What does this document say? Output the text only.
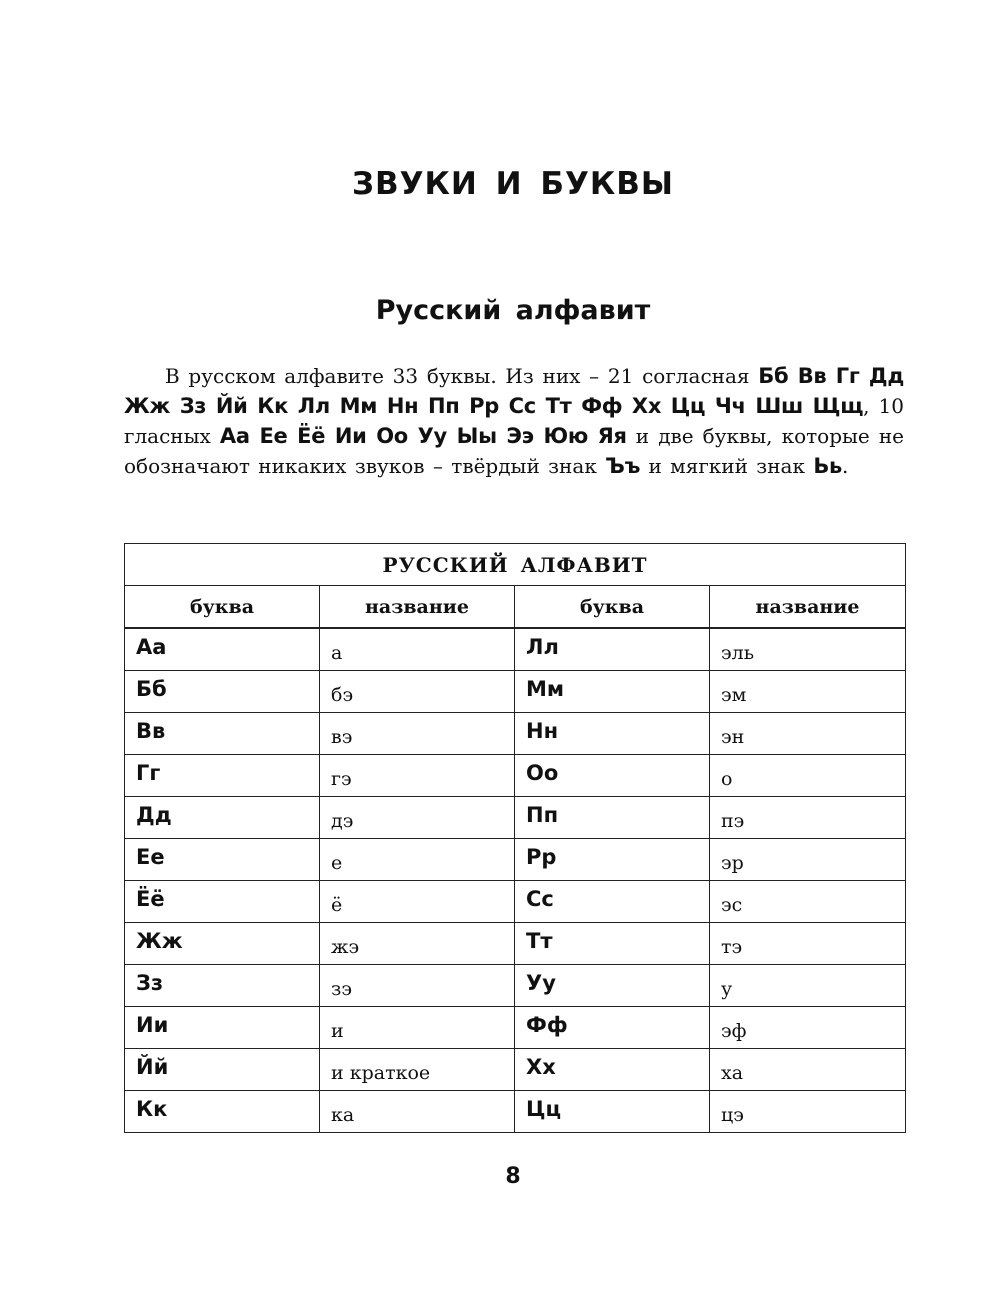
ЗВУКИ И БУКВЫ
Русский алфавит

В русском алфавите 33 буквы. Из них – 21 согласная Бб Вв Гг Дд Жж Зз Йй Кк Лл Мм Нн Пп Рр Сс Тт Фф Хх Цц Чч Шш Щщ, 10 гласных Аа Ее Ёё Ии Оо Уу Ыы Ээ Юю Яя и две буквы, которые не обозначают никаких звуков – твёрдый знак Ъъ и мягкий знак Ьь.

РУССКИЙ АЛФАВИТ			
буква	название	буква	название
Аа	а	Лл	эль
Бб	бэ	Мм	эм
Вв	вэ	Нн	эн
Гг	гэ	Оо	о
Дд	дэ	Пп	пэ
Ее	е	Рр	эр
Ёё	ё	Сс	эс
Жж	жэ	Тт	тэ
Зз	зэ	Уу	у
Ии	и	Фф	эф
Йй	и краткое	Хх	ха
Кк	ка	Цц	цэ
8
